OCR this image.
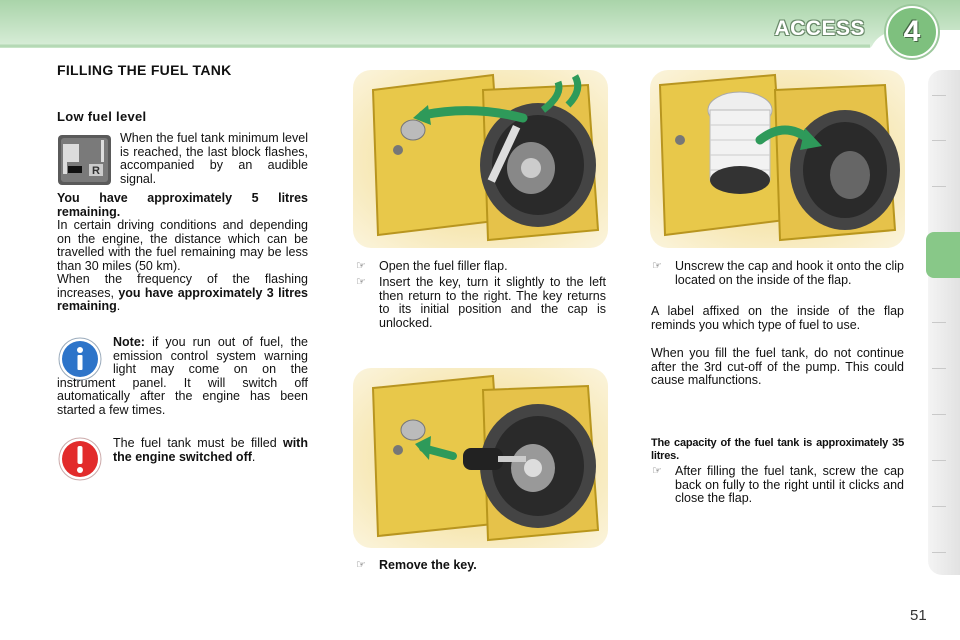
ACCESS	4
FILLING THE FUEL TANK
Low fuel level
R
When the fuel tank minimum level is reached, the last block flashes, accompanied by an audible signal.
You have approximately 5 litres remaining.
In certain driving conditions and depending on the engine, the distance which can be travelled with the fuel remaining may be less than 30 miles (50 km).
When the frequency of the flashing increases, you have approximately 3 litres remaining.
Note: if you run out of fuel, the emission control system warning light may come on on the instrument panel. It will switch off automatically after the engine has been started a few times.
The fuel tank must be filled with the engine switched off.
☞	Open the fuel filler flap.
☞	Insert the key, turn it slightly to the left then return to the right. The key returns to its initial position and the cap is unlocked.
☞	Remove the key.
☞	Unscrew the cap and hook it onto the clip located on the inside of the flap.
A label affixed on the inside of the flap reminds you which type of fuel to use.
When you fill the fuel tank, do not continue after the 3rd cut-off of the pump. This could cause malfunctions.
The capacity of the fuel tank is approximately 35 litres.
☞	After filling the fuel tank, screw the cap back on fully to the right until it clicks and close the flap.
51
